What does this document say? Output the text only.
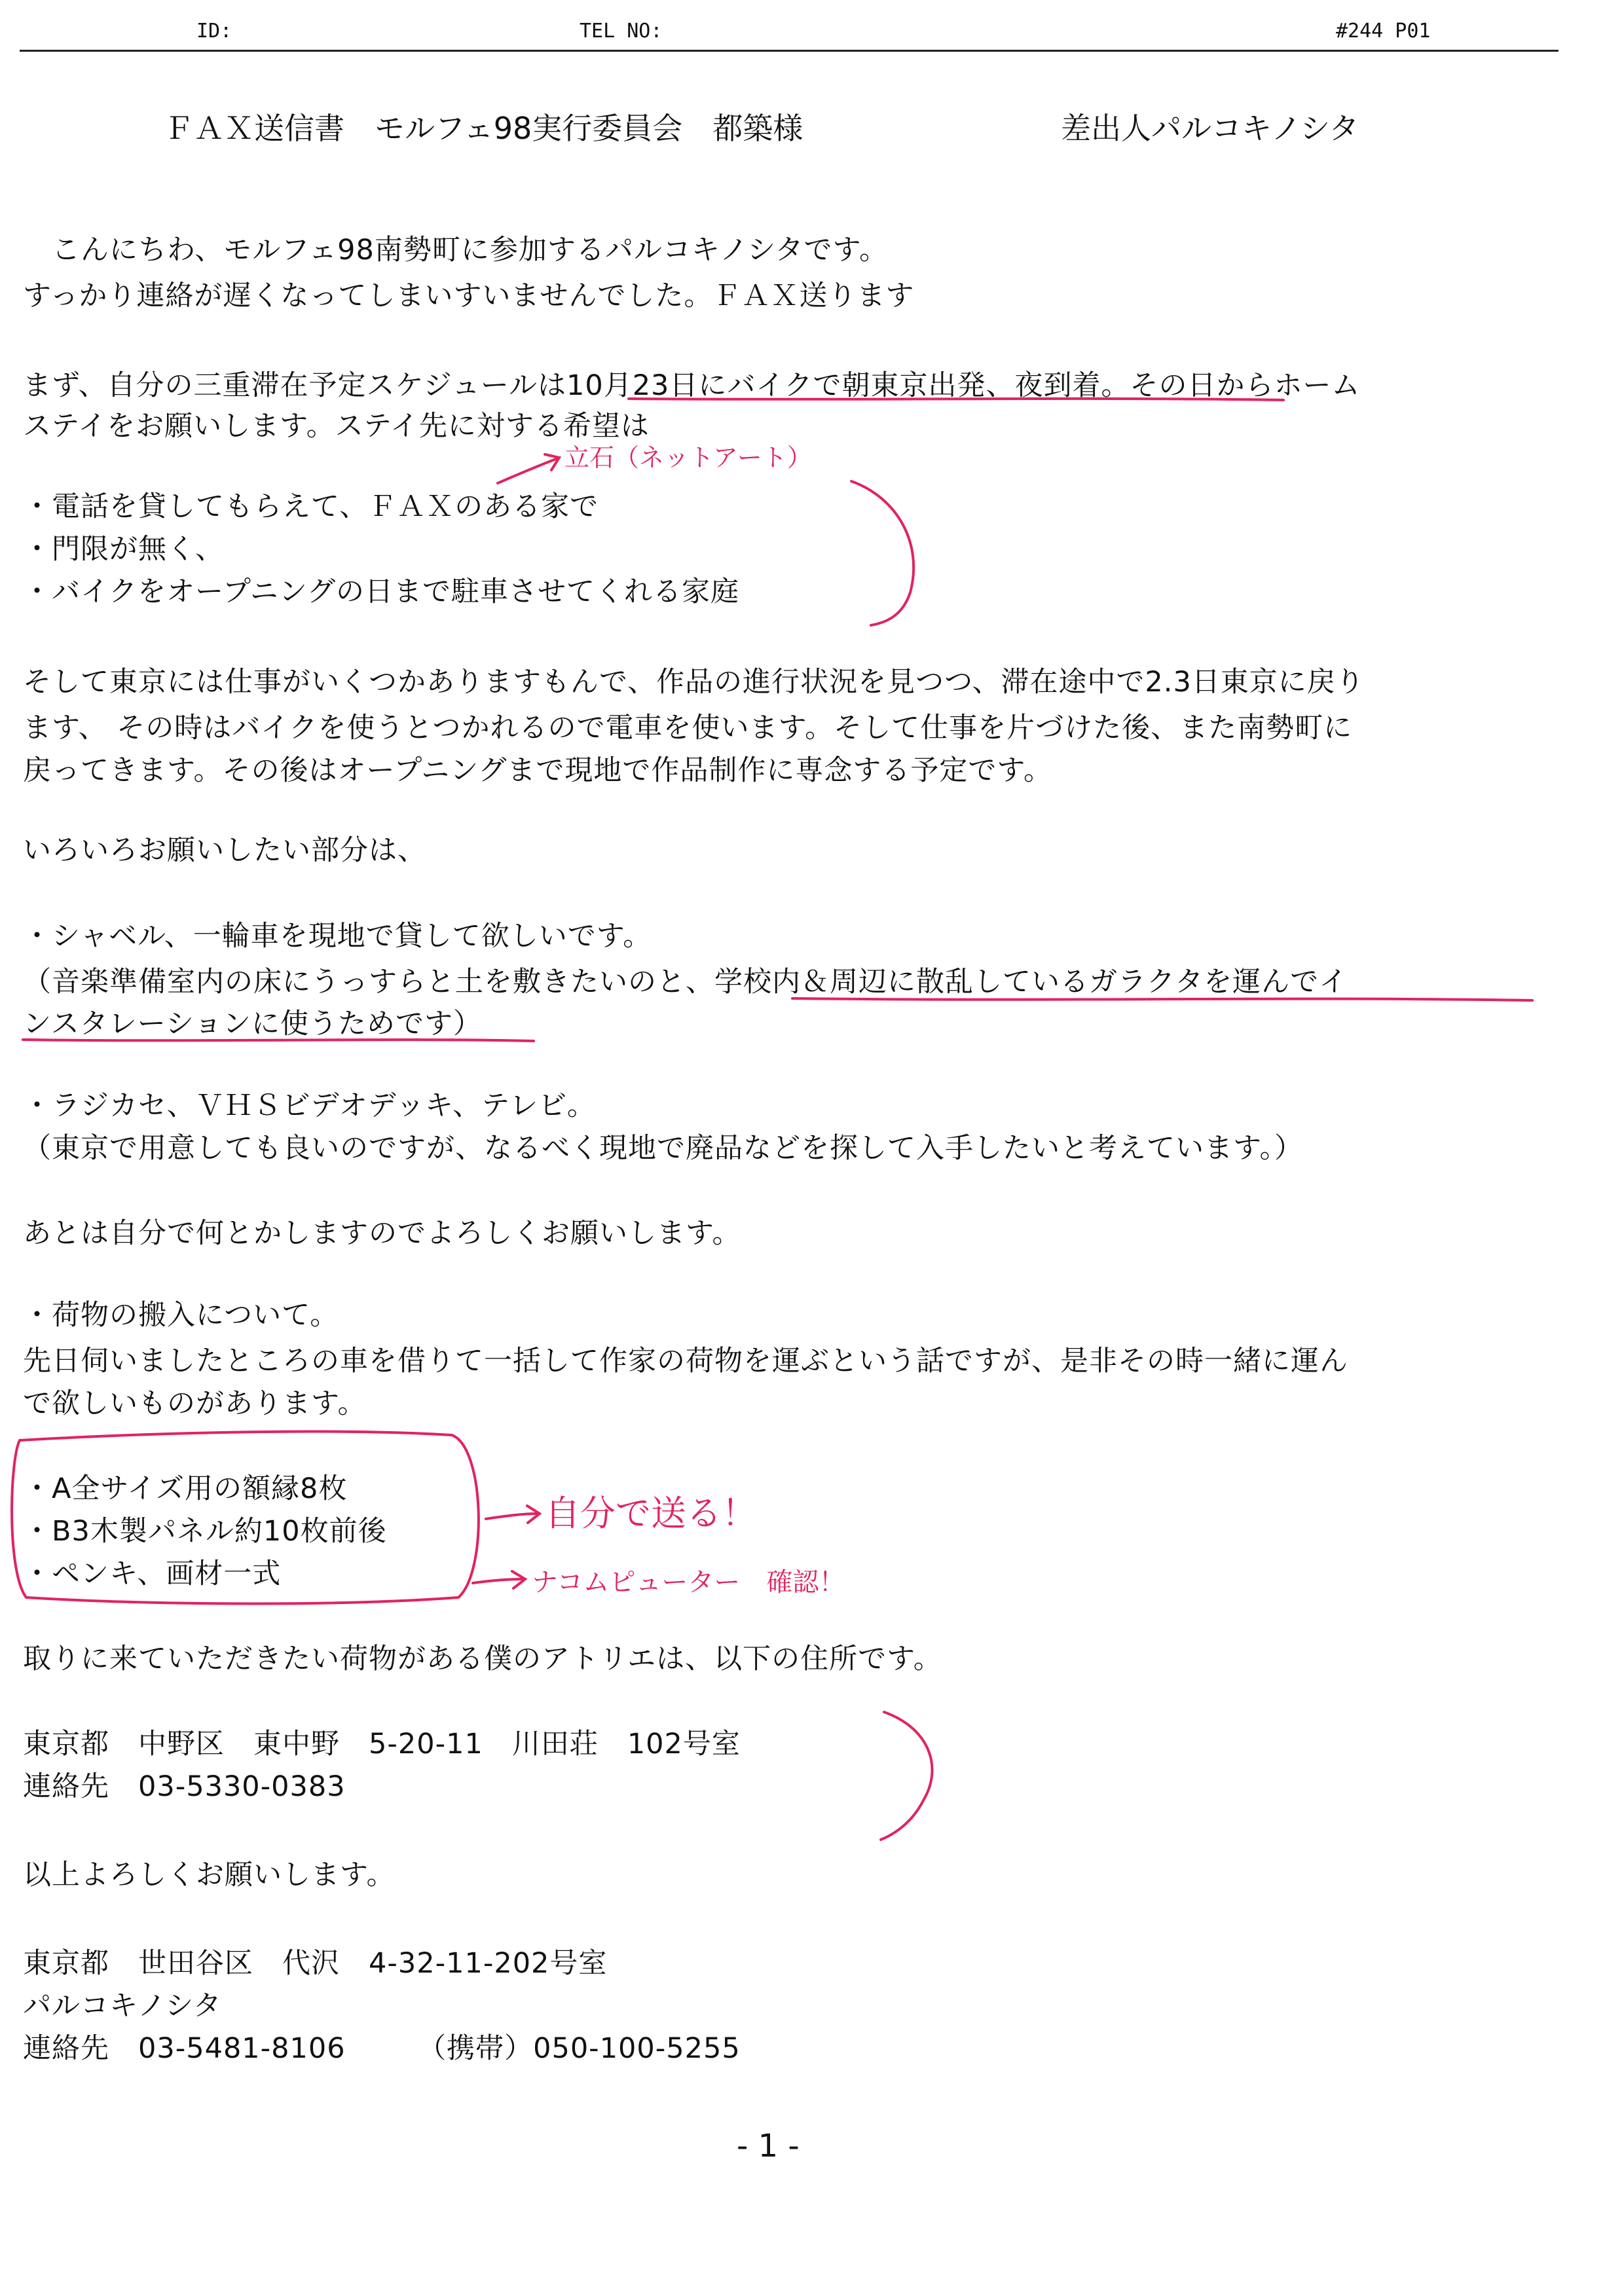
ID:	TEL NO:	#244 P01
ＦＡＸ送信書　モルフェ98実行委員会　都築様	差出人パルコキノシタ
　こんにちわ、モルフェ98南勢町に参加するパルコキノシタです。
すっかり連絡が遅くなってしまいすいませんでした。ＦＡＸ送ります
まず、自分の三重滞在予定スケジュールは10月23日にバイクで朝東京出発、夜到着。その日からホーム
ステイをお願いします。ステイ先に対する希望は
・電話を貸してもらえて、ＦＡＸのある家で
・門限が無く、
・バイクをオープニングの日まで駐車させてくれる家庭
そして東京には仕事がいくつかありますもんで、作品の進行状況を見つつ、滞在途中で2.3日東京に戻り
ます、 その時はバイクを使うとつかれるので電車を使います。そして仕事を片づけた後、また南勢町に
戻ってきます。その後はオープニングまで現地で作品制作に専念する予定です。
いろいろお願いしたい部分は、
・シャベル、一輪車を現地で貸して欲しいです。
（音楽準備室内の床にうっすらと土を敷きたいのと、学校内＆周辺に散乱しているガラクタを運んでイ
ンスタレーションに使うためです）
・ラジカセ、ＶＨＳビデオデッキ、テレビ。
（東京で用意しても良いのですが、なるべく現地で廃品などを探して入手したいと考えています。）
あとは自分で何とかしますのでよろしくお願いします。
・荷物の搬入について。
先日伺いましたところの車を借りて一括して作家の荷物を運ぶという話ですが、是非その時一緒に運ん
で欲しいものがあります。
・A全サイズ用の額縁8枚
・B3木製パネル約10枚前後
・ペンキ、画材一式
取りに来ていただきたい荷物がある僕のアトリエは、以下の住所です。
東京都　中野区　東中野　5-20-11　川田荘　102号室
連絡先　03-5330-0383
以上よろしくお願いします。
東京都　世田谷区　代沢　4-32-11-202号室
パルコキノシタ
連絡先　03-5481-8106　　　（携帯）050-100-5255
- 1 -
立石（ネットアート）
自分で送る！
ナコムピューター　確認！
